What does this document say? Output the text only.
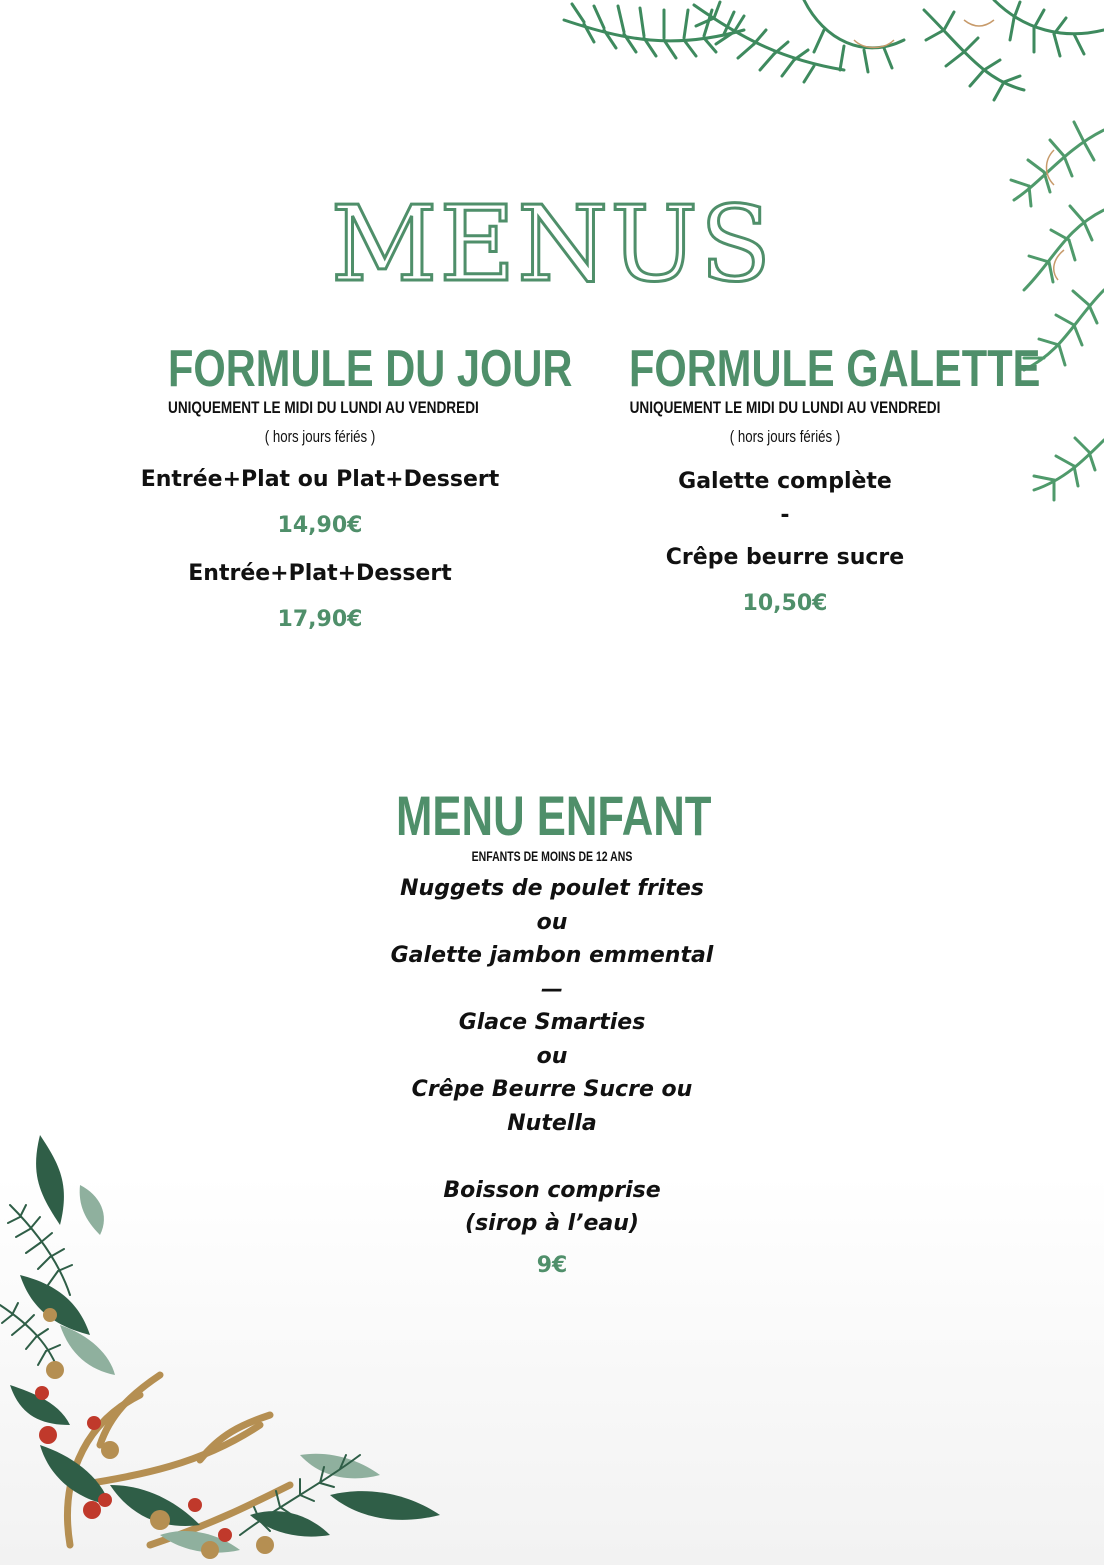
MENUS
FORMULE DU JOUR
UNIQUEMENT LE MIDI DU LUNDI AU VENDREDI
( hors jours fériés )
Entrée+Plat ou Plat+Dessert
14,90€
Entrée+Plat+Dessert
17,90€
FORMULE GALETTE
UNIQUEMENT LE MIDI DU LUNDI AU VENDREDI
( hors jours fériés )
Galette complète
-
Crêpe beurre sucre
10,50€
MENU ENFANT
ENFANTS DE MOINS DE 12 ANS
Nuggets de poulet frites
ou
Galette jambon emmental
—
Glace Smarties
ou
Crêpe Beurre Sucre ou
Nutella
Boisson comprise
(sirop à l’eau)
9€
